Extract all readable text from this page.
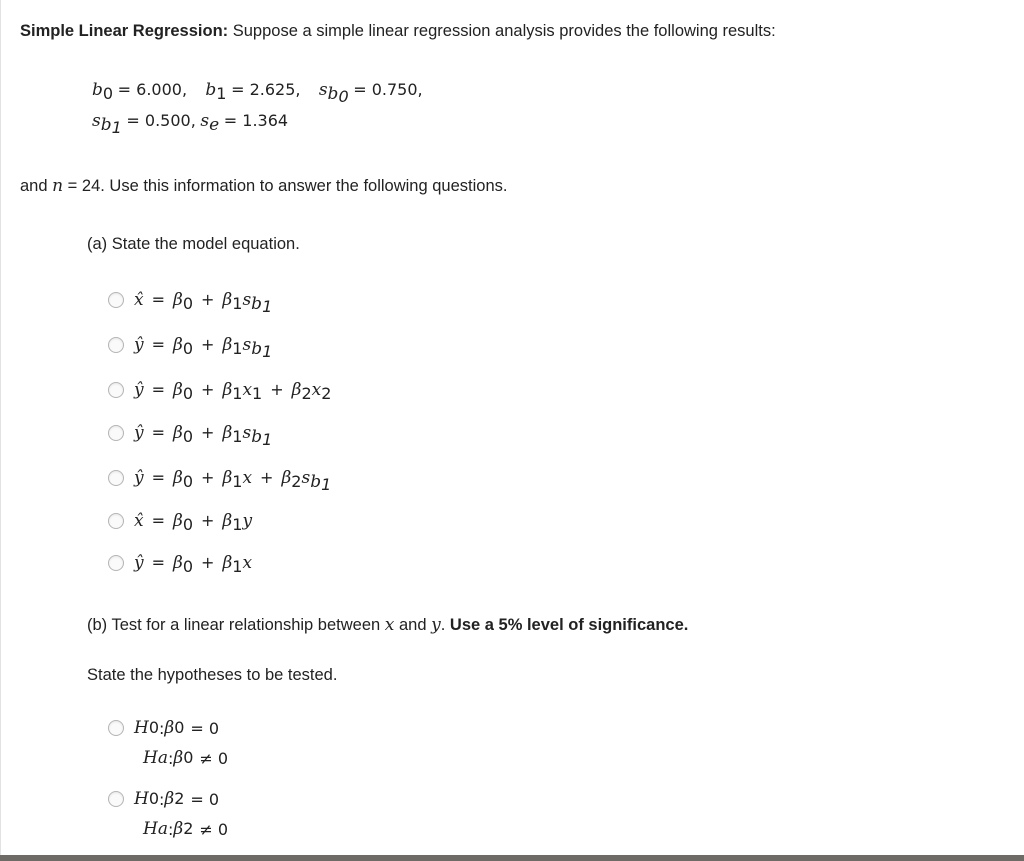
Simple Linear Regression: Suppose a simple linear regression analysis provides the following results:
$b_0 = 6.000$, $b_1 = 2.625$, $s_{b_0} = 0.750$,
$s_{b_1} = 0.500$, $s_e = 1.364$
and n = 24. Use this information to answer the following questions.
(a) State the model equation.
x̂ = $\beta_0 + \beta_1s_{b_1}$
ŷ = $\beta_0 + \beta_1s_{b_1}$
ŷ = $\beta_0 + \beta_1x_1 + \beta_2x_2$
ŷ = $\beta_0 + \beta_1s_{b_1}$
ŷ = $\beta_0 + \beta_1x + \beta_2s_{b_1}$
x̂ = $\beta_0 + \beta_1y$
ŷ = $\beta_0 + \beta_1x$
(b) Test for a linear relationship between x and y. Use a 5% level of significance.
State the hypotheses to be tested.
H 0 : β 0 = 0
H a : β 0 ≠ 0
H 0 : β 2 = 0
H a : β 2 ≠ 0
